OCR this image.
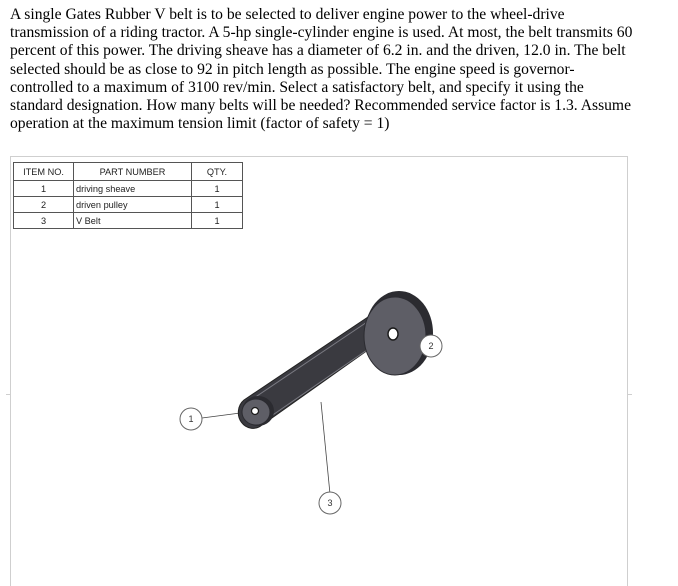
A single Gates Rubber V belt is to be selected to deliver engine power to the wheel-drive transmission of a riding tractor. A 5-hp single-cylinder engine is used. At most, the belt transmits 60 percent of this power. The driving sheave has a diameter of 6.2 in. and the driven, 12.0 in. The belt selected should be as close to 92 in pitch length as possible. The engine speed is governor-controlled to a maximum of 3100 rev/min. Select a satisfactory belt, and specify it using the standard designation. How many belts will be needed? Recommended service factor is 1.3. Assume operation at the maximum tension limit (factor of safety = 1)

ITEM NO.	PART NUMBER	QTY.
1	driving sheave	1
2	driven pulley	1
3	V Belt	1
1
2
3
